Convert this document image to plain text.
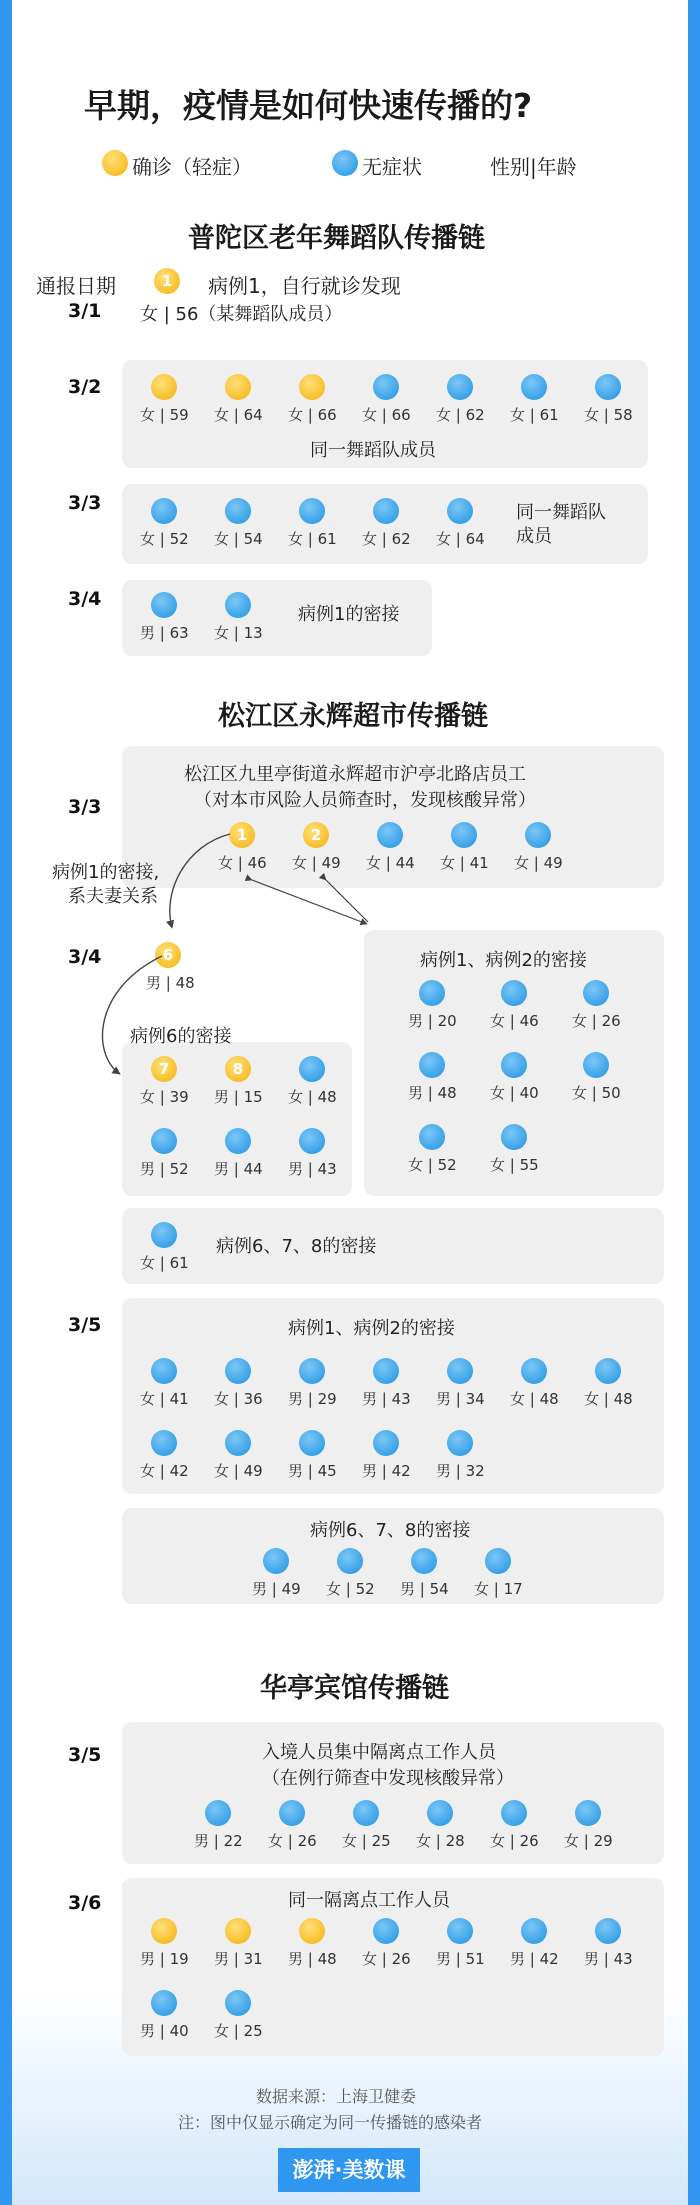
早期，疫情是如何快速传播的?
确诊（轻症）	无症状	性别|年龄
普陀区老年舞蹈队传播链
通报日期	1	病例1，自行就诊发现
3/1 女 | 56（某舞蹈队成员）
3/2
女 | 59 女 | 64 女 | 66 女 | 66 女 | 62 女 | 61 女 | 58
同一舞蹈队成员
3/3
女 | 52 女 | 54 女 | 61 女 | 62 女 | 64
同一舞蹈队
成员
3/4
男 | 63 女 | 13
病例1的密接
松江区永辉超市传播链
松江区九里亭街道永辉超市沪亭北路店员工
（对本市风险人员筛查时，发现核酸异常）
3/3
1
女 | 46
2
女 | 49 女 | 44 女 | 41 女 | 49
病例1的密接,
系夫妻关系
3/4	6
男 | 48
病例1、病例2的密接
男 | 20 女 | 46 女 | 26
男 | 48 女 | 40 女 | 50
女 | 52 女 | 55
病例6的密接
7
女 | 39
8
男 | 15 女 | 48
男 | 52 男 | 44 男 | 43
女 | 61
病例6、7、8的密接
3/5	病例1、病例2的密接
女 | 41 女 | 36 男 | 29 男 | 43 男 | 34 女 | 48 女 | 48
女 | 42 女 | 49 男 | 45 男 | 42 男 | 32
病例6、7、8的密接
男 | 49 女 | 52 男 | 54 女 | 17
华亭宾馆传播链
3/5	入境人员集中隔离点工作人员
（在例行筛查中发现核酸异常）
男 | 22 女 | 26 女 | 25 女 | 28 女 | 26 女 | 29
3/6	同一隔离点工作人员
男 | 19 男 | 31 男 | 48 女 | 26 男 | 51 男 | 42 男 | 43
男 | 40 女 | 25
数据来源：上海卫健委
注：图中仅显示确定为同一传播链的感染者
澎湃·美数课
